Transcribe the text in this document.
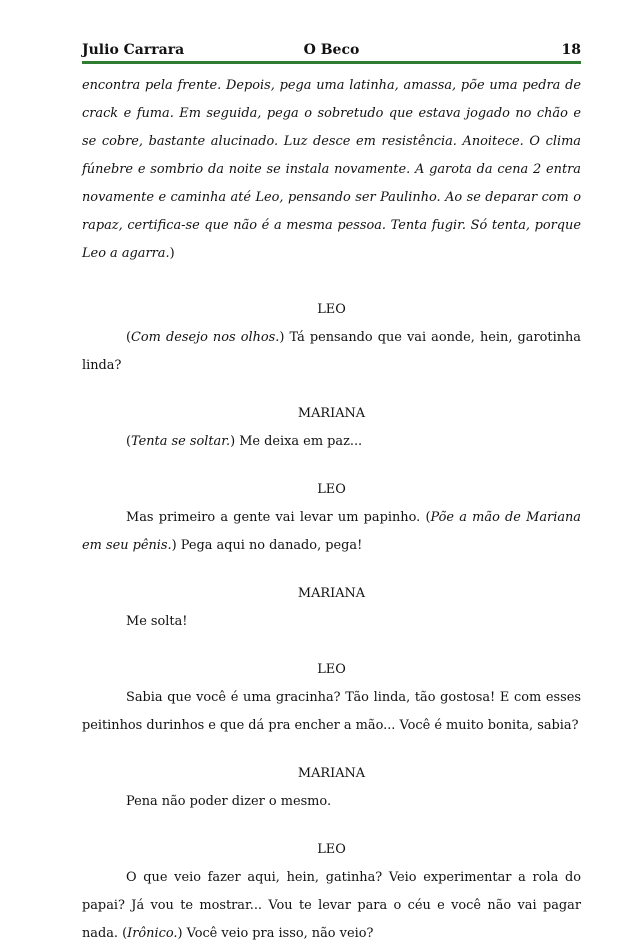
Julio Carrara	O Beco	18

encontra pela frente. Depois, pega uma latinha, amassa, põe uma pedra de crack e fuma. Em seguida, pega o sobretudo que estava jogado no chão e se cobre, bastante alucinado. Luz desce em resistência. Anoitece. O clima fúnebre e sombrio da noite se instala novamente. A garota da cena 2 entra novamente e caminha até Leo, pensando ser Paulinho. Ao se deparar com o rapaz, certifica-se que não é a mesma pessoa. Tenta fugir. Só tenta, porque Leo a agarra.)

LEO

(Com desejo nos olhos.) Tá pensando que vai aonde, hein, garotinha linda?

MARIANA

(Tenta se soltar.) Me deixa em paz...

LEO

Mas primeiro a gente vai levar um papinho. (Põe a mão de Mariana em seu pênis.) Pega aqui no danado, pega!

MARIANA

Me solta!

LEO

Sabia que você é uma gracinha? Tão linda, tão gostosa! E com esses peitinhos durinhos e que dá pra encher a mão... Você é muito bonita, sabia?

MARIANA

Pena não poder dizer o mesmo.

LEO

O que veio fazer aqui, hein, gatinha? Veio experimentar a rola do papai? Já vou te mostrar... Vou te levar para o céu e você não vai pagar nada. (Irônico.) Você veio pra isso, não veio?
